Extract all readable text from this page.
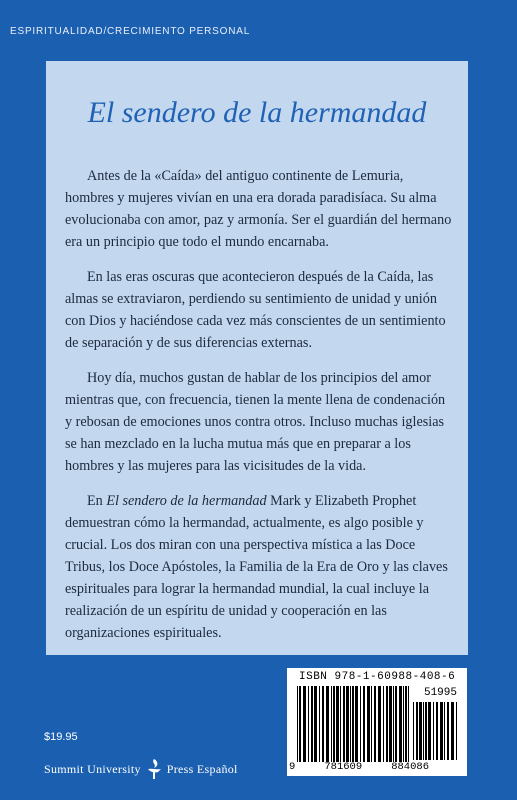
ESPIRITUALIDAD/CRECIMIENTO PERSONAL
El sendero de la hermandad

Antes de la «Caída» del antiguo continente de Lemuria, hombres y mujeres vivían en una era dorada paradisíaca. Su alma evolucionaba con amor, paz y armonía. Ser el guardián del hermano era un principio que todo el mundo encarnaba.

En las eras oscuras que acontecieron después de la Caída, las almas se extraviaron, perdiendo su sentimiento de unidad y unión con Dios y haciéndose cada vez más conscientes de un sentimiento de separación y de sus diferencias externas.

Hoy día, muchos gustan de hablar de los principios del amor mientras que, con frecuencia, tienen la mente llena de condenación y rebosan de emociones unos contra otros. Incluso muchas iglesias se han mezclado en la lucha mutua más que en preparar a los hombres y las mujeres para las vicisitudes de la vida.

En El sendero de la hermandad Mark y Elizabeth Prophet demuestran cómo la hermandad, actualmente, es algo posible y crucial. Los dos miran con una perspectiva mística a las Doce Tribus, los Doce Apóstoles, la Familia de la Era de Oro y las claves espirituales para lograr la hermandad mundial, la cual incluye la realización de un espíritu de unidad y cooperación en las organizaciones espirituales.

$19.95
Summit University Press Español
ISBN 978-1-60988-408-6
51995
9	781609	884086
